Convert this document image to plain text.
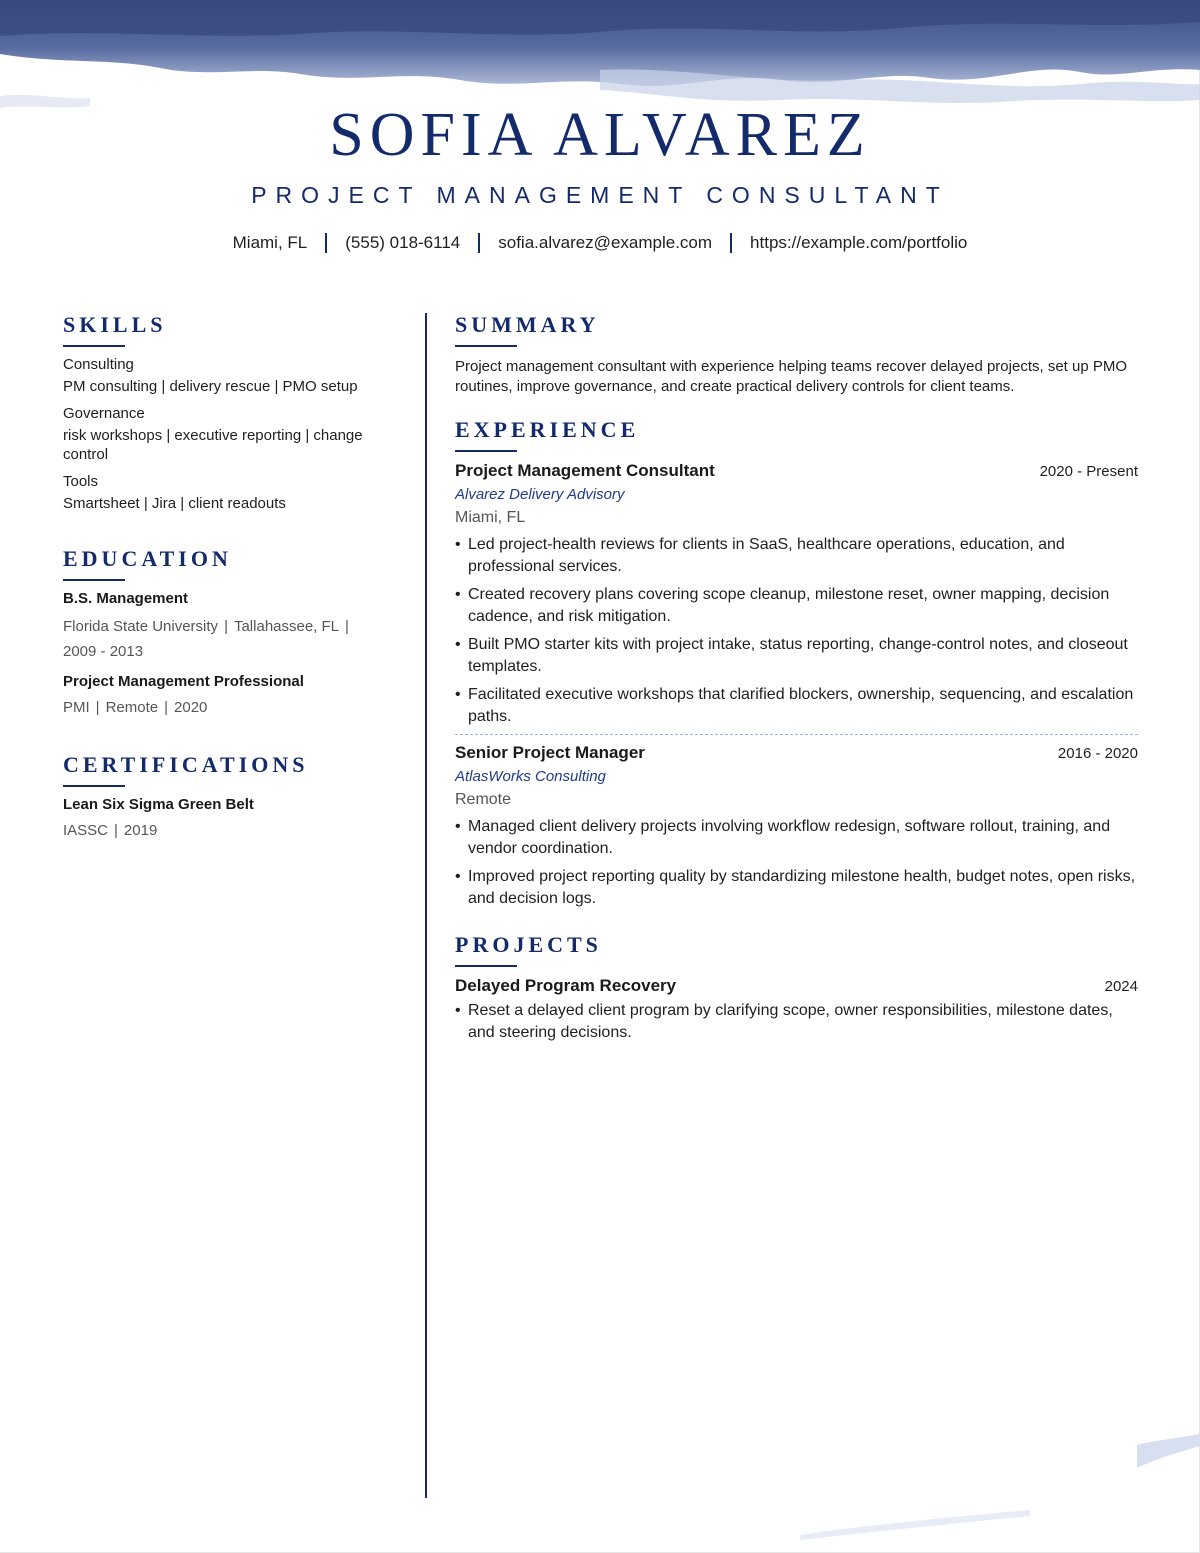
SOFIA ALVAREZ
PROJECT MANAGEMENT CONSULTANT
Miami, FL (555) 018-6114 sofia.alvarez@example.com https://example.com/portfolio
SKILLS
Consulting
PM consulting | delivery rescue | PMO setup
Governance
risk workshops | executive reporting | change control
Tools
Smartsheet | Jira | client readouts
EDUCATION
B.S. Management
Florida State University | Tallahassee, FL |
2009 - 2013
Project Management Professional
PMI | Remote | 2020
CERTIFICATIONS
Lean Six Sigma Green Belt
IASSC | 2019
SUMMARY

Project management consultant with experience helping teams recover delayed projects, set up PMO routines, improve governance, and create practical delivery controls for client teams.

EXPERIENCE
Project Management Consultant	2020 - Present
Alvarez Delivery Advisory
Miami, FL
• Led project-health reviews for clients in SaaS, healthcare operations, education, and professional services.
• Created recovery plans covering scope cleanup, milestone reset, owner mapping, decision cadence, and risk mitigation.
• Built PMO starter kits with project intake, status reporting, change-control notes, and closeout templates.
• Facilitated executive workshops that clarified blockers, ownership, sequencing, and escalation paths.
Senior Project Manager	2016 - 2020
AtlasWorks Consulting
Remote
• Managed client delivery projects involving workflow redesign, software rollout, training, and vendor coordination.
• Improved project reporting quality by standardizing milestone health, budget notes, open risks, and decision logs.
PROJECTS
Delayed Program Recovery	2024
• Reset a delayed client program by clarifying scope, owner responsibilities, milestone dates, and steering decisions.
